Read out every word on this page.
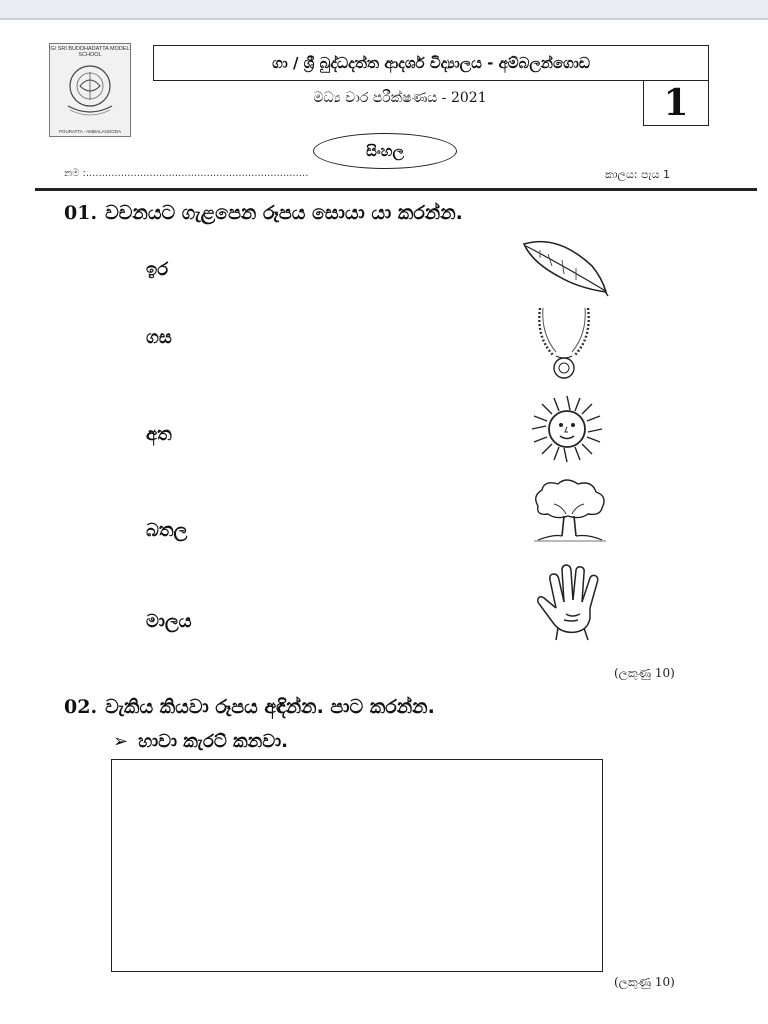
G/ SRI BUDDHADATTA MODEL SCHOOL
POURATTA - AMBALANGODA
ගා / ශ්‍රී බුද්ධදත්ත ආදර්ශ විද්‍යාලය - අම්බලන්ගොඩ
මධ්‍ය වාර පරීක්ෂණය - 2021	1
සිංහල
නම :......................................................................	කාලය: පැය 1
01. වචනයට ගැළපෙන රූපය සොයා යා කරන්න.
ඉර
ගස
අත
බතල
මාලය
(ලකුණු 10)
02. වැකිය කියවා රූපය අඳින්න. පාට කරන්න.
➢ හාවා කැරට් කනවා.
(ලකුණු 10)
